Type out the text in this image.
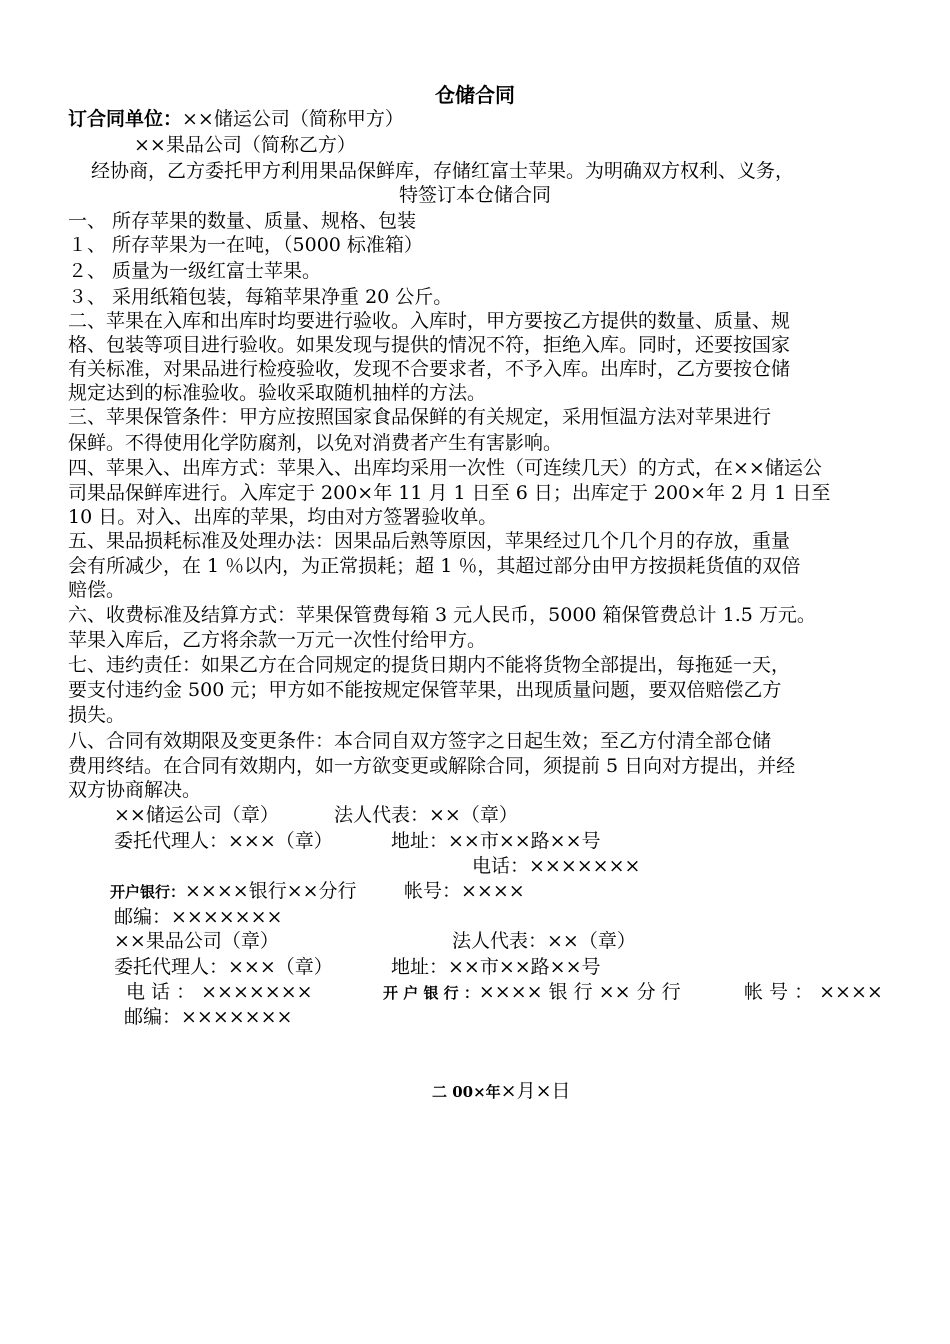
仓储合同
订合同单位：××储运公司（简称甲方）
××果品公司（简称乙方）
经协商，乙方委托甲方利用果品保鲜库，存储红富士苹果。为明确双方权利、义务，
特签订本仓储合同
一、 所存苹果的数量、质量、规格、包装
１、 所存苹果为一在吨，（5000 标准箱）
２、 质量为一级红富士苹果。
３、 采用纸箱包装，每箱苹果净重 20 公斤。
二、苹果在入库和出库时均要进行验收。入库时，甲方要按乙方提供的数量、质量、规
格、包装等项目进行验收。如果发现与提供的情况不符，拒绝入库。同时，还要按国家
有关标准，对果品进行检疫验收，发现不合要求者，不予入库。出库时，乙方要按仓储
规定达到的标准验收。验收采取随机抽样的方法。
三、苹果保管条件：甲方应按照国家食品保鲜的有关规定，采用恒温方法对苹果进行
保鲜。不得使用化学防腐剂，以免对消费者产生有害影响。
四、苹果入、出库方式：苹果入、出库均采用一次性（可连续几天）的方式，在××储运公
司果品保鲜库进行。入库定于 200×年 11 月 1 日至 6 日；出库定于 200×年 2 月 1 日至
10 日。对入、出库的苹果，均由对方签署验收单。
五、果品损耗标准及处理办法：因果品后熟等原因，苹果经过几个几个月的存放，重量
会有所减少，在 1 ％以内，为正常损耗；超 1 ％，其超过部分由甲方按损耗货值的双倍
赔偿。
六、收费标准及结算方式：苹果保管费每箱 3 元人民币，5000 箱保管费总计 1.5 万元。
苹果入库后，乙方将余款一万元一次性付给甲方。
七、违约责任：如果乙方在合同规定的提货日期内不能将货物全部提出，每拖延一天，
要支付违约金 500 元；甲方如不能按规定保管苹果，出现质量问题，要双倍赔偿乙方
损失。
八、合同有效期限及变更条件：本合同自双方签字之日起生效；至乙方付清全部仓储
费用终结。在合同有效期内，如一方欲变更或解除合同，须提前 5 日向对方提出，并经
双方协商解决。
××储运公司（章）	法人代表：××（章）
委托代理人：×××（章）	地址：××市××路××号
电话：×××××××
开户银行：××××银行××分行 帐号：××××
邮编：×××××××
××果品公司（章）	法人代表：××（章）
委托代理人：×××（章）	地址：××市××路××号
电 话 ： ×××××××	开 户 银 行 ：×××× 银 行 ×× 分 行	帐 号 ： ××××
邮编：×××××××
二 00×年×月×日
